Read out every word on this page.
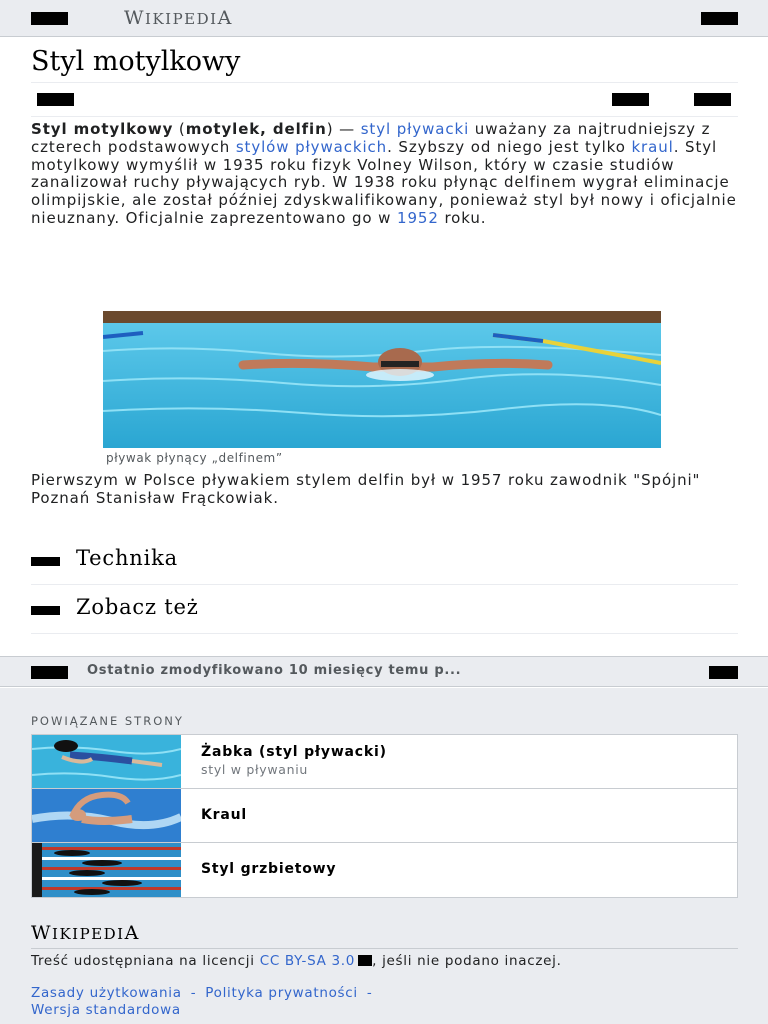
WIKIPEDIA
Styl motylkowy

Styl motylkowy (motylek, delfin) — styl pływacki uważany za najtrudniejszy z czterech podstawowych stylów pływackich. Szybszy od niego jest tylko kraul. Styl motylkowy wymyślił w 1935 roku fizyk Volney Wilson, który w czasie studiów zanalizował ruchy pływających ryb. W 1938 roku płynąc delfinem wygrał eliminacje olimpijskie, ale został później zdyskwalifikowany, ponieważ styl był nowy i oficjalnie nieuznany. Oficjalnie zaprezentowano go w 1952 roku.

pływak płynący „delfinem”

Pierwszym w Polsce pływakiem stylem delfin był w 1957 roku zawodnik "Spójni" Poznań Stanisław Frąckowiak.

Technika
Zobacz też
Ostatnio zmodyfikowano 10 miesięcy temu p...
POWIĄZANE STRONY
Żabka (styl pływacki)
styl w pływaniu
Kraul
Styl grzbietowy
WIKIPEDIA

Treść udostępniana na licencji CC BY-SA 3.0 , jeśli nie podano inaczej.

Zasady użytkowania - Polityka prywatności -
Wersja standardowa
